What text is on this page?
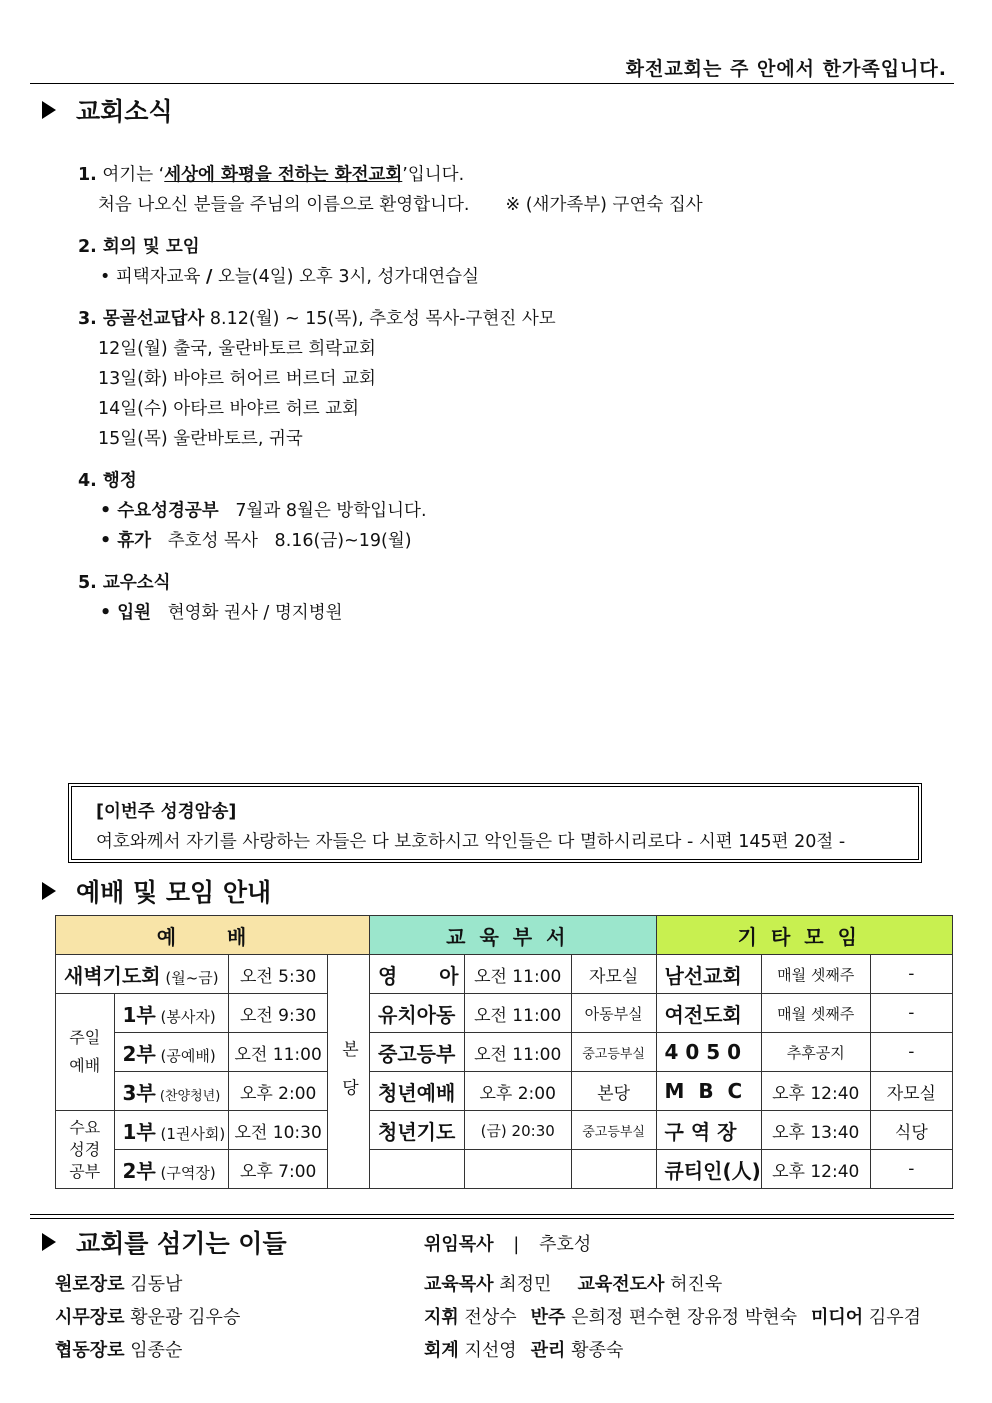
화전교회는 주 안에서 한가족입니다.
교회소식
1. 여기는 ‘세상에 화평을 전하는 화전교회’입니다.
처음 나오신 분들을 주님의 이름으로 환영합니다. ※ (새가족부) 구연숙 집사
2. 회의 및 모임
• 피택자교육 / 오늘(4일) 오후 3시, 성가대연습실
3. 몽골선교답사 8.12(월) ~ 15(목), 추호성 목사-구현진 사모
12일(월) 출국, 울란바토르 희락교회
13일(화) 바야르 허어르 버르더 교회
14일(수) 아타르 바야르 허르 교회
15일(목) 울란바토르, 귀국
4. 행정
• 수요성경공부   7월과 8월은 방학입니다.
• 휴가   추호성 목사   8.16(금)~19(월)
5. 교우소식
• 입원   현영화 권사 / 명지병원
[이번주 성경암송]
여호와께서 자기를 사랑하는 자들은 다 보호하시고 악인들은 다 멸하시리로다 - 시편 145편 20절 -
예배 및 모임 안내
예 배				교육부서			기타모임		
새벽기도회 (월~금)		오전 5:30	본 당	영      아	오전 11:00	자모실	남선교회	매월 셋째주	-

주일 예배	1부 (봉사자)	오전 9:30		유치아동	오전 11:00	아동부실	여전도회	매월 셋째주	-
	2부 (공예배)	오전 11:00		중고등부	오전 11:00	중고등부실	4 0 5 0	추후공지	-
	3부 (찬양청년)	오후 2:00		청년예배	오후 2:00	본당	M  B  C	오후 12:40	자모실

수요 성경 공부	1부 (1권사회)	오전 10:30		청년기도	(금) 20:30	중고등부실	구 역 장	오후 13:40	식당
	2부 (구역장)	오후 7:00					큐티인(人)	오후 12:40	-
교회를 섬기는 이들	위임목사 | 추호성
원로장로 김동남
시무장로 황운광 김우승
협동장로 임종순
교육목사 최정민 교육전도사 허진욱
지휘 전상수 반주 은희정 편수현 장유정 박현숙 미디어 김우겸
회계 지선영 관리 황종숙
